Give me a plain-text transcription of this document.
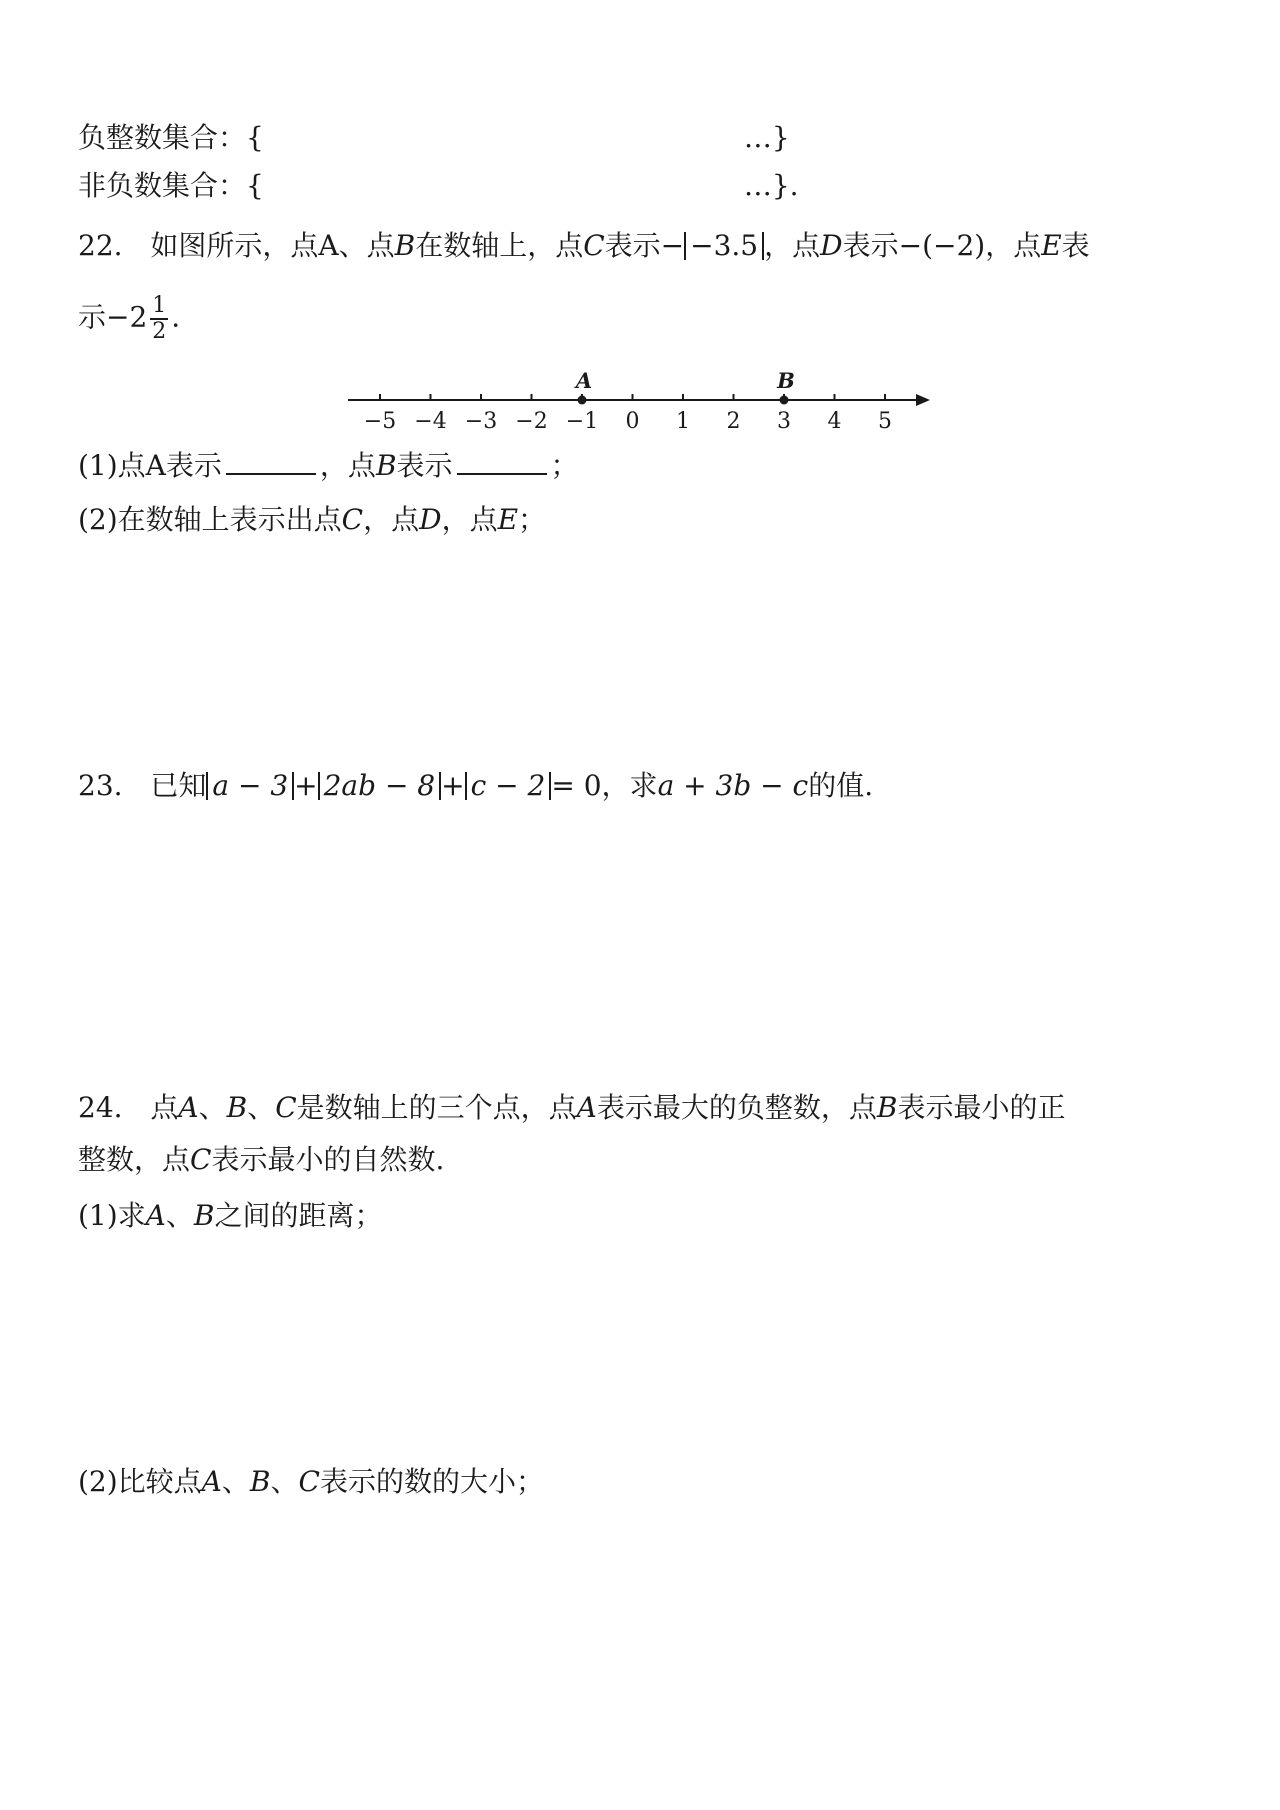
负整数集合：{	…}
非负数集合：{	…}.
22. 如图所示，点A、点B在数轴上，点C表示− −3.5 ，点D表示−(−2)，点E表
示$-2 \frac{1}{2}$ .
−5 −4 −3 −2 −1 0 1 2 3 4 5
A	B
(1)点A表示	，点B表示	；
(2)在数轴上表示出点C，点D，点E；
23. 已知 a − 3 + 2ab − 8 + c − 2 = 0，求a + 3b − c的值.
24. 点A、B、C是数轴上的三个点，点A表示最大的负整数，点B表示最小的正
整数，点C表示最小的自然数.
(1)求A、B之间的距离；
(2)比较点A、B、C表示的数的大小；
